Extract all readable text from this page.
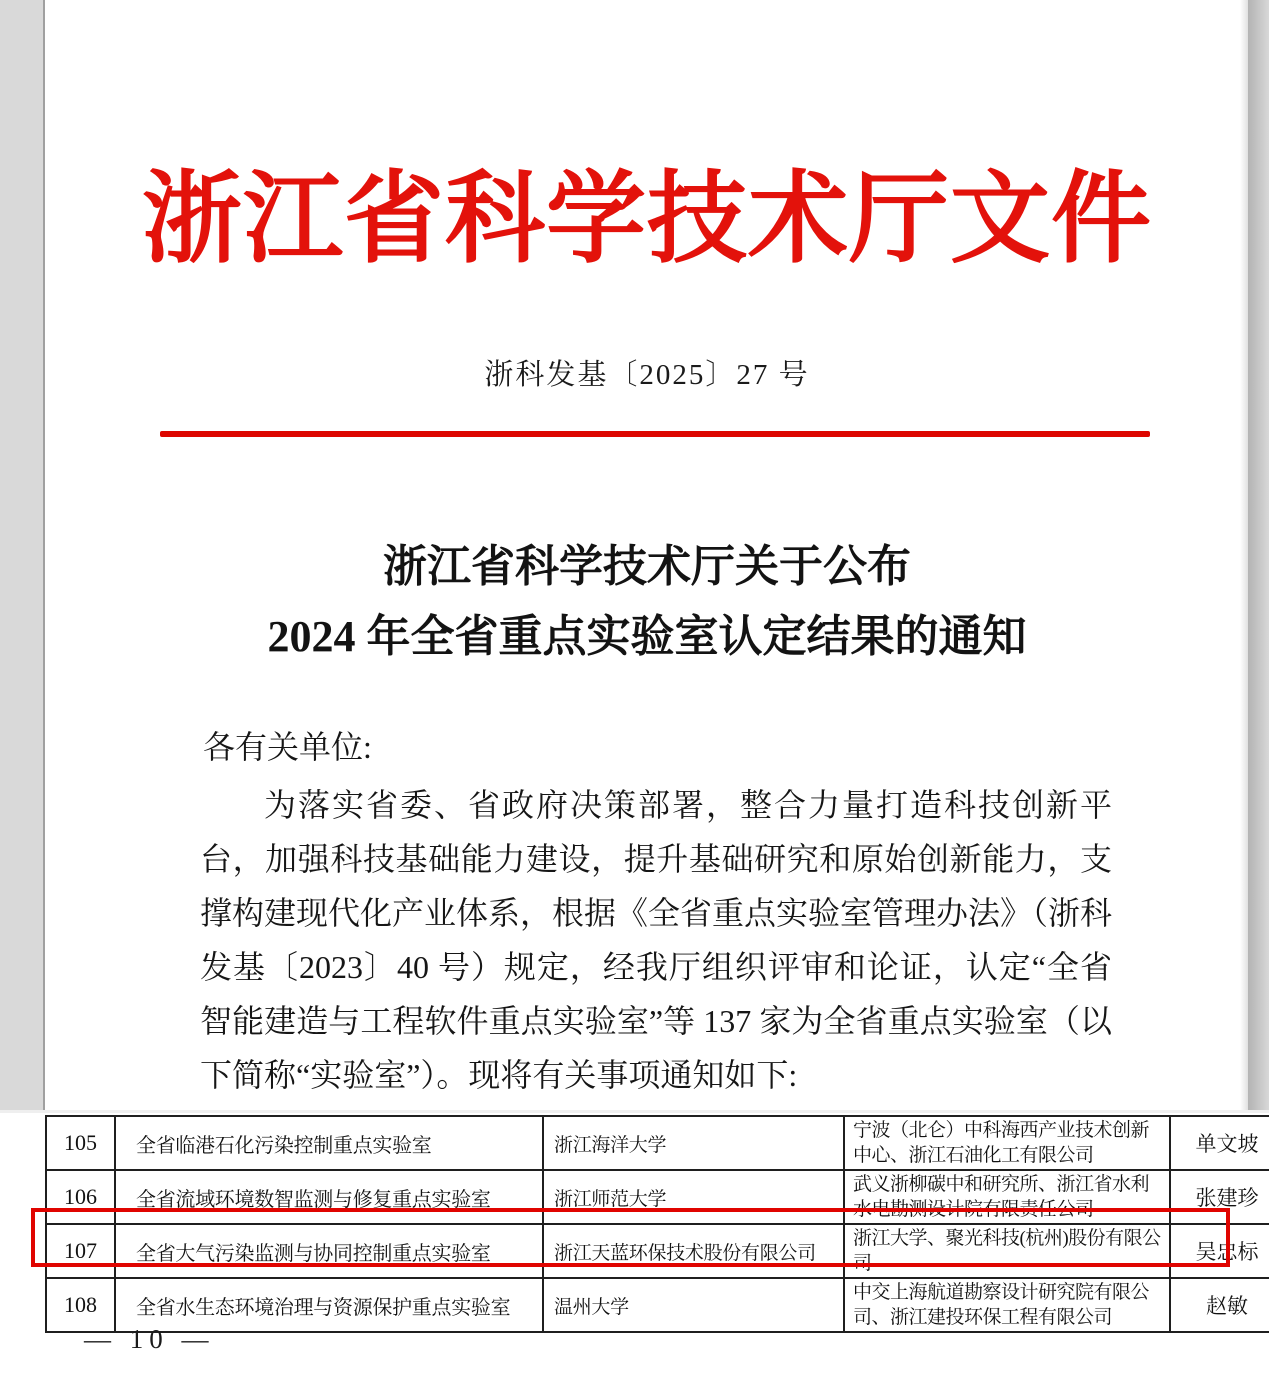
浙江省科学技术厅文件
浙科发基〔2025〕27 号
浙江省科学技术厅关于公布
2024 年全省重点实验室认定结果的通知
各有关单位:
为落实省委、省政府决策部署，整合力量打造科技创新平台，加强科技基础能力建设，提升基础研究和原始创新能力，支撑构建现代化产业体系，根据《全省重点实验室管理办法》（浙科发基〔2023〕40 号）规定，经我厅组织评审和论证，认定“全省智能建造与工程软件重点实验室”等 137 家为全省重点实验室（以下简称“实验室”）。现将有关事项通知如下:
105	全省临港石化污染控制重点实验室	浙江海洋大学	宁波（北仑）中科海西产业技术创新中心、浙江石油化工有限公司	单文坡
106	全省流域环境数智监测与修复重点实验室	浙江师范大学	武义浙柳碳中和研究所、浙江省水利水电勘测设计院有限责任公司	张建珍
107	全省大气污染监测与协同控制重点实验室	浙江天蓝环保技术股份有限公司	浙江大学、聚光科技(杭州)股份有限公司	吴忠标
108	全省水生态环境治理与资源保护重点实验室	温州大学	中交上海航道勘察设计研究院有限公司、浙江建投环保工程有限公司	赵敏
— 10 —
